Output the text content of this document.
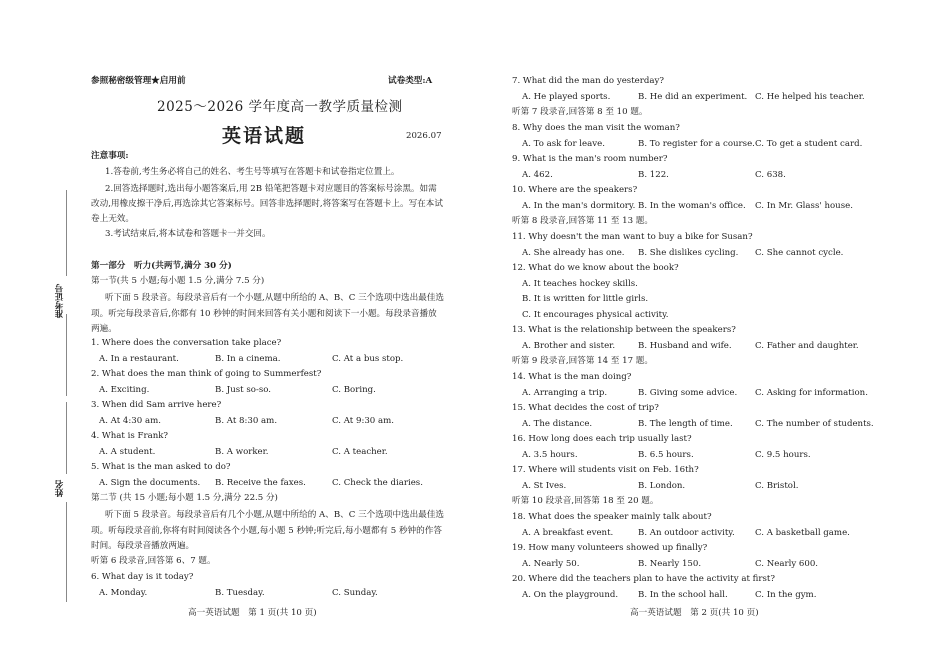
参照秘密级管理★启用前	试卷类型:A
2025～2026 学年度高一教学质量检测
英语试题	2026.07
注意事项:
1.答卷前,考生务必将自己的姓名、考生号等填写在答题卡和试卷指定位置上。
2.回答选择题时,选出每小题答案后,用 2B 铅笔把答题卡对应题目的答案标号涂黑。如需改动,用橡皮擦干净后,再选涂其它答案标号。回答非选择题时,将答案写在答题卡上。写在本试卷上无效。
3.考试结束后,将本试卷和答题卡一并交回。
第一部分　听力(共两节,满分 30 分)
第一节(共 5 小题;每小题 1.5 分,满分 7.5 分)
听下面 5 段录音。每段录音后有一个小题,从题中所给的 A、B、C 三个选项中选出最佳选项。听完每段录音后,你都有 10 秒钟的时间来回答有关小题和阅读下一小题。每段录音播放两遍。
1. Where does the conversation take place?
A. In a restaurant.	B. In a cinema.	C. At a bus stop.
2. What does the man think of going to Summerfest?
A. Exciting.	B. Just so-so.	C. Boring.
3. When did Sam arrive here?
A. At 4:30 am.	B. At 8:30 am.	C. At 9:30 am.
4. What is Frank?
A. A student.	B. A worker.	C. A teacher.
5. What is the man asked to do?
A. Sign the documents. B. Receive the faxes.	C. Check the diaries.
第二节 (共 15 小题;每小题 1.5 分,满分 22.5 分)
听下面 5 段录音。每段录音后有几个小题,从题中所给的 A、B、C 三个选项中选出最佳选项。听每段录音前,你将有时间阅读各个小题,每小题 5 秒钟;听完后,每小题都有 5 秒钟的作答时间。每段录音播放两遍。
听第 6 段录音,回答第 6、7 题。
6. What day is it today?
A. Monday.	B. Tuesday.	C. Sunday.
高一英语试题　第 1 页(共 10 页)
准考证号
姓名
7. What did the man do yesterday?
A. He played sports.	B. He did an experiment. C. He helped his teacher.
听第 7 段录音,回答第 8 至 10 题。
8. Why does the man visit the woman?
A. To ask for leave.	B. To register for a course. C. To get a student card.
9. What is the man's room number?
A. 462.	B. 122.	C. 638.
10. Where are the speakers?
A. In the man's dormitory. B. In the woman's office. C. In Mr. Glass' house.
听第 8 段录音,回答第 11 至 13 题。
11. Why doesn't the man want to buy a bike for Susan?
A. She already has one. B. She dislikes cycling. C. She cannot cycle.
12. What do we know about the book?
A. It teaches hockey skills.
B. It is written for little girls.
C. It encourages physical activity.
13. What is the relationship between the speakers?
A. Brother and sister.	B. Husband and wife.	C. Father and daughter.
听第 9 段录音,回答第 14 至 17 题。
14. What is the man doing?
A. Arranging a trip.	B. Giving some advice. C. Asking for information.
15. What decides the cost of trip?
A. The distance.	B. The length of time.	C. The number of students.
16. How long does each trip usually last?
A. 3.5 hours.	B. 6.5 hours.	C. 9.5 hours.
17. Where will students visit on Feb. 16th?
A. St Ives.	B. London.	C. Bristol.
听第 10 段录音,回答第 18 至 20 题。
18. What does the speaker mainly talk about?
A. A breakfast event.	B. An outdoor activity. C. A basketball game.
19. How many volunteers showed up finally?
A. Nearly 50.	B. Nearly 150.	C. Nearly 600.
20. Where did the teachers plan to have the activity at first?
A. On the playground. B. In the school hall.	C. In the gym.
高一英语试题　第 2 页(共 10 页)
